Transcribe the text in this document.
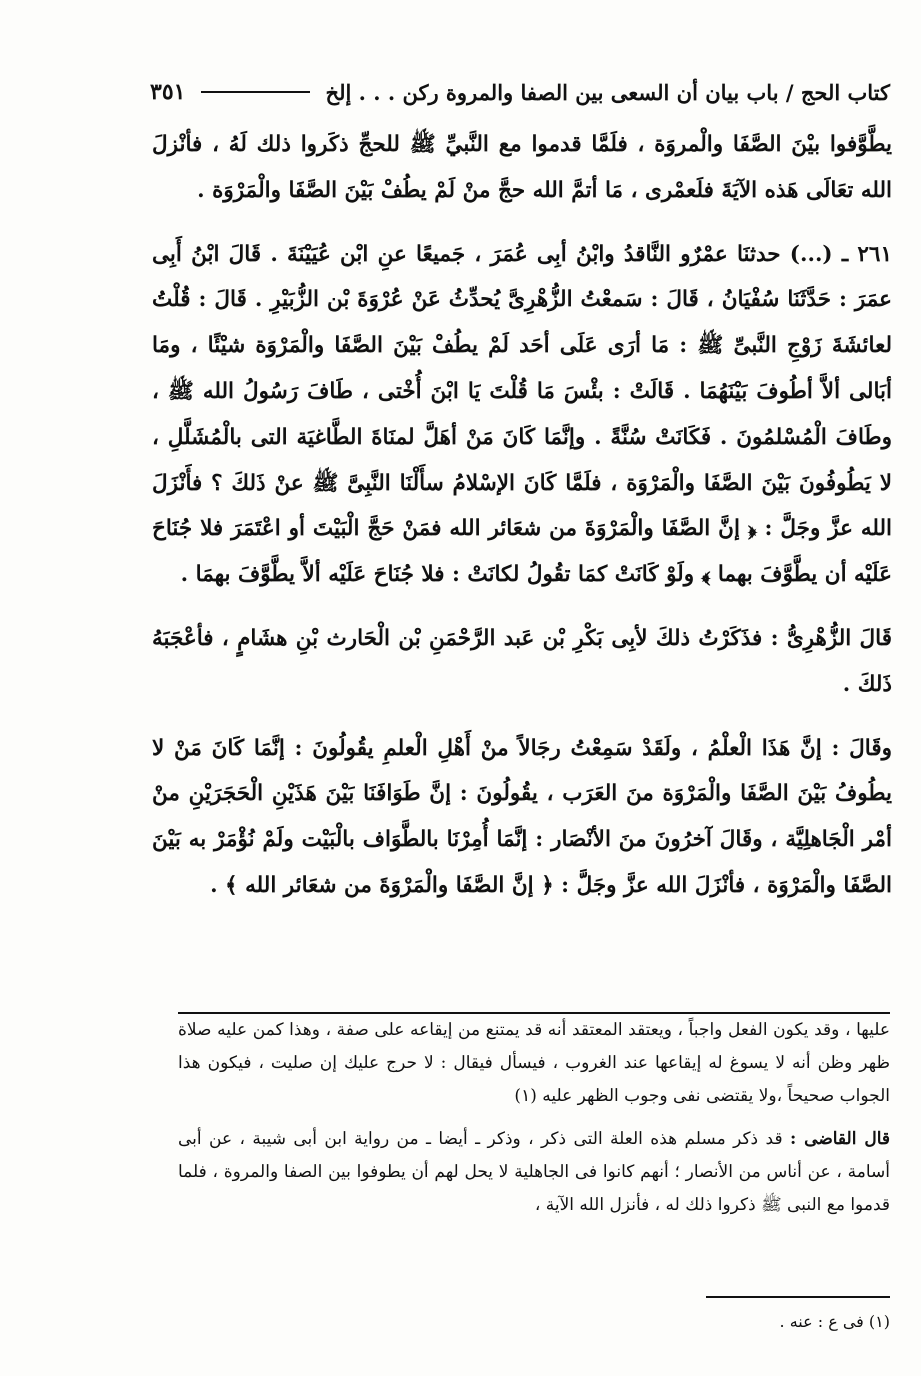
كتاب الحج / باب بيان أن السعى بين الصفا والمروة ركن . . . إلخ
٣٥١

يطَّوَّفوا بيْنَ الصَّفَا والْمروَة ، فلَمَّا قدموا مع النَّبيِّ ﷺ للحجِّ ذكَروا ذلك لَهُ ، فأنْزلَ الله تعَالَى هَذه الآيَةَ فلَعمْرى ، مَا أتمَّ الله حجَّ منْ لَمْ يطُفْ بَيْنَ الصَّفَا والْمَرْوَة .

٢٦١ ـ (...) حدثنَا عمْرٌو النَّاقدُ وابْنُ أبِى عُمَرَ ، جَميعًا عنِ ابْن عُيَيْنَةَ . قَالَ ابْنُ أَبِى عمَرَ : حَدَّثَنَا سُفْيَانُ ، قَالَ : سَمعْتُ الزُّهْرِىَّ يُحدِّثُ عَنْ عُرْوَةَ بْن الزُّبَيْرِ . قَالَ : قُلْتُ لعائشَةَ زَوْجِ النَّبىِّ ﷺ : مَا أرَى عَلَى أحَد لَمْ يطُفْ بَيْنَ الصَّفَا والْمَرْوَة شيْئًا ، ومَا أبَالى ألاَّ أطُوفَ بَيْنَهُمَا . قَالَتْ : بئْسَ مَا قُلْتَ يَا ابْنَ أُخْتى ، طَافَ رَسُولُ الله ﷺ ، وطَافَ الْمُسْلمُونَ . فَكَانَتْ سُنَّةً . وإنَّمَا كَانَ مَنْ أهَلَّ لمنَاةَ الطَّاغيَة التى بالْمُشَلَّلِ ، لا يَطُوفُونَ بَيْنَ الصَّفَا والْمَرْوَة ، فلَمَّا كَانَ الإسْلامُ سأَلْنَا النَّبِىَّ ﷺ عنْ ذَلكَ ؟ فأَنْزَلَ الله عزَّ وجَلَّ : ﴿ إنَّ الصَّفَا والْمَرْوَةَ من شعَائر الله فمَنْ حَجَّ الْبَيْتَ أو اعْتَمَرَ فلا جُنَاحَ عَلَيْه أن يطَّوَّفَ بهما ﴾ ولَوْ كَانَتْ كمَا تقُولُ لكانَتْ : فلا جُنَاحَ عَلَيْه ألاَّ يطَّوَّفَ بهمَا .

قَالَ الزُّهْرِىُّ : فذَكَرْتُ ذلكَ لأبِى بَكْرِ بْن عَبد الرَّحْمَنِ بْن الْحَارث بْنِ هشَامٍ ، فأعْجَبَهُ ذَلكَ .

وقَالَ : إنَّ هَذَا الْعلْمُ ، ولَقَدْ سَمِعْتُ رجَالاً منْ أَهْلِ الْعلمِ يقُولُونَ : إنَّمَا كَانَ مَنْ لا يطُوفُ بَيْنَ الصَّفَا والْمَرْوَة منَ العَرَب ، يقُولُونَ : إنَّ طَوَافَنَا بَيْنَ هَذَيْنِ الْحَجَرَيْنِ منْ أمْر الْجَاهلِيَّة ، وقَالَ آخرُونَ منَ الأنْصَار : إنَّمَا أُمِرْنَا بالطَّوَاف بالْبَيْت ولَمْ نُؤْمَرْ به بَيْنَ الصَّفَا والْمَرْوَة ، فأنْزَلَ الله عزَّ وجَلَّ : ﴿ إنَّ الصَّفَا والْمَرْوَةَ من شعَائر الله ﴾ .

عليها ، وقد يكون الفعل واجباً ، ويعتقد المعتقد أنه قد يمتنع من إيقاعه على صفة ، وهذا كمن عليه صلاة ظهر وظن أنه لا يسوغ له إيقاعها عند الغروب ، فيسأل فيقال : لا حرج عليك إن صليت ، فيكون هذا الجواب صحيحاً ،ولا يقتضى نفى وجوب الظهر عليه (١)

قال القاضى : قد ذكر مسلم هذه العلة التى ذكر ، وذكر ـ أيضا ـ من رواية ابن أبى شيبة ، عن أبى أسامة ، عن أناس من الأنصار ؛ أنهم كانوا فى الجاهلية لا يحل لهم أن يطوفوا بين الصفا والمروة ، فلما قدموا مع النبى ﷺ ذكروا ذلك له ، فأنزل الله الآية ،

(١) فى ع : عنه .
